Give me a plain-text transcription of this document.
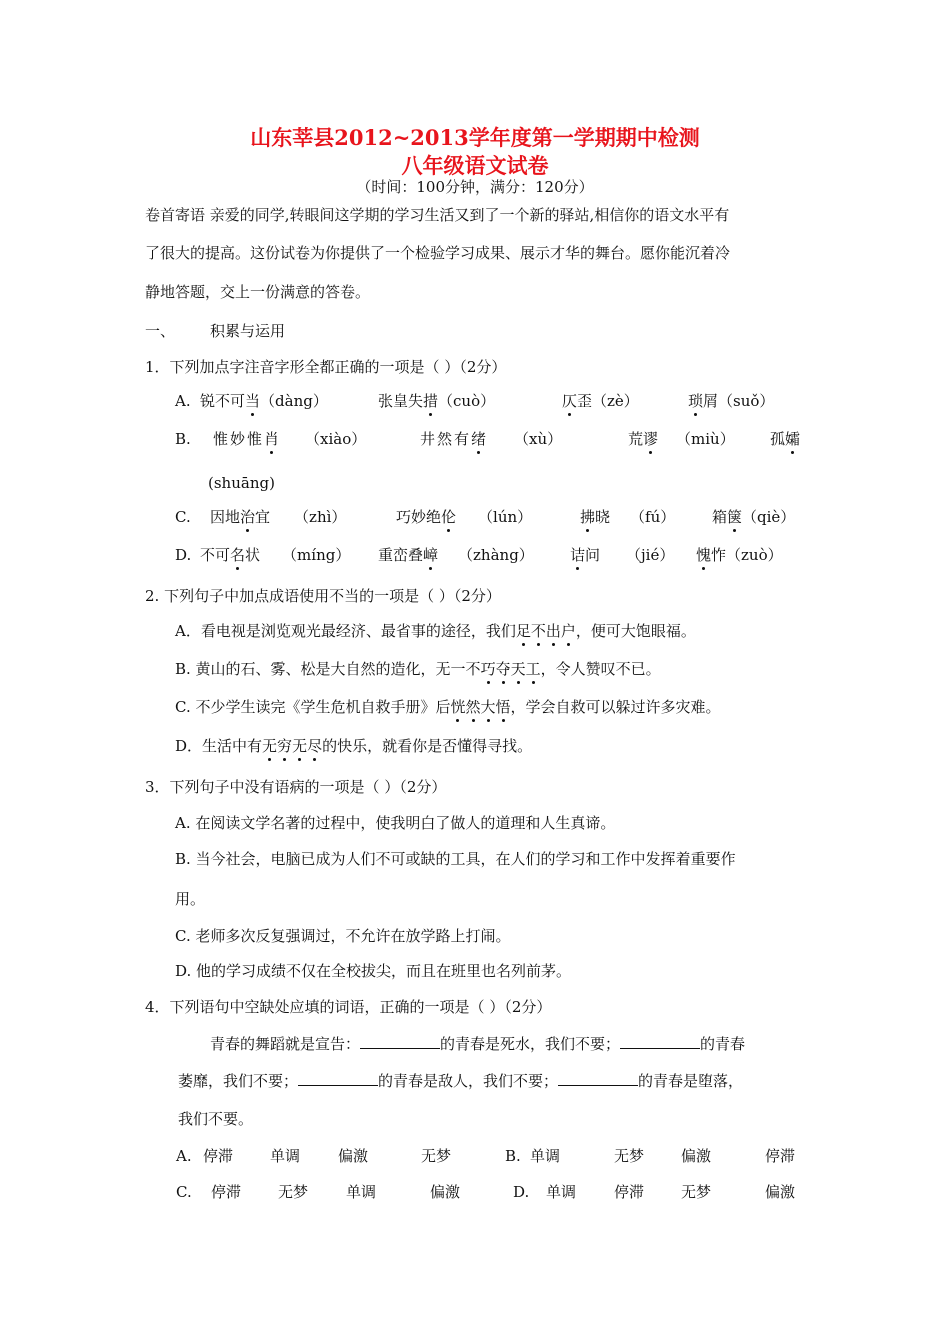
山东莘县2012~2013学年度第一学期期中检测
八年级语文试卷
（时间：100分钟，满分：120分）
卷首寄语 亲爱的同学,转眼间这学期的学习生活又到了一个新的驿站,相信你的语文水平有
了很大的提高。这份试卷为你提供了一个检验学习成果、展示才华的舞台。愿你能沉着冷
静地答题，交上一份满意的答卷。
一、 积累与运用
1．下列加点字注音字形全都正确的一项是（ ）（2分）
A. 锐不可当（dàng）	张皇失措（cuò）	仄歪（zè）	琐屑（suǒ）
B. 惟妙惟肖 （xiào）	井然有绪 （xù）	荒谬 （miù） 孤孀
(shuāng)
C. 因地治宜 （zhì）	巧妙绝伦 （lún）	拂晓 （fú） 箱箧（qiè）
D. 不可名状 （míng） 重峦叠嶂 （zhàng） 诘问 （jié） 愧怍（zuò）
2. 下列句子中加点成语使用不当的一项是（ ）（2分）
A．看电视是浏览观光最经济、最省事的途径，我们足不出户，便可大饱眼福。
B. 黄山的石、雾、松是大自然的造化，无一不巧夺天工，令人赞叹不已。
C. 不少学生读完《学生危机自救手册》后恍然大悟，学会自救可以躲过许多灾难。
D．生活中有无穷无尽的快乐，就看你是否懂得寻找。
3．下列句子中没有语病的一项是（ ）（2分）
A. 在阅读文学名著的过程中，使我明白了做人的道理和人生真谛。
B. 当今社会，电脑已成为人们不可或缺的工具，在人们的学习和工作中发挥着重要作
用。
C. 老师多次反复强调过，不允许在放学路上打闹。
D. 他的学习成绩不仅在全校拔尖，而且在班里也名列前茅。
4．下列语句中空缺处应填的词语，正确的一项是（ ）（2分）
青春的舞蹈就是宣告：	的青春是死水，我们不要；	的青春
萎靡，我们不要；	的青春是敌人，我们不要；	的青春是堕落，
我们不要。
A. 停滞 单调	偏激	无梦	B. 单调	无梦 偏激	停滞
C. 停滞 无梦	单调	偏激	D. 单调	停滞 无梦	偏激
